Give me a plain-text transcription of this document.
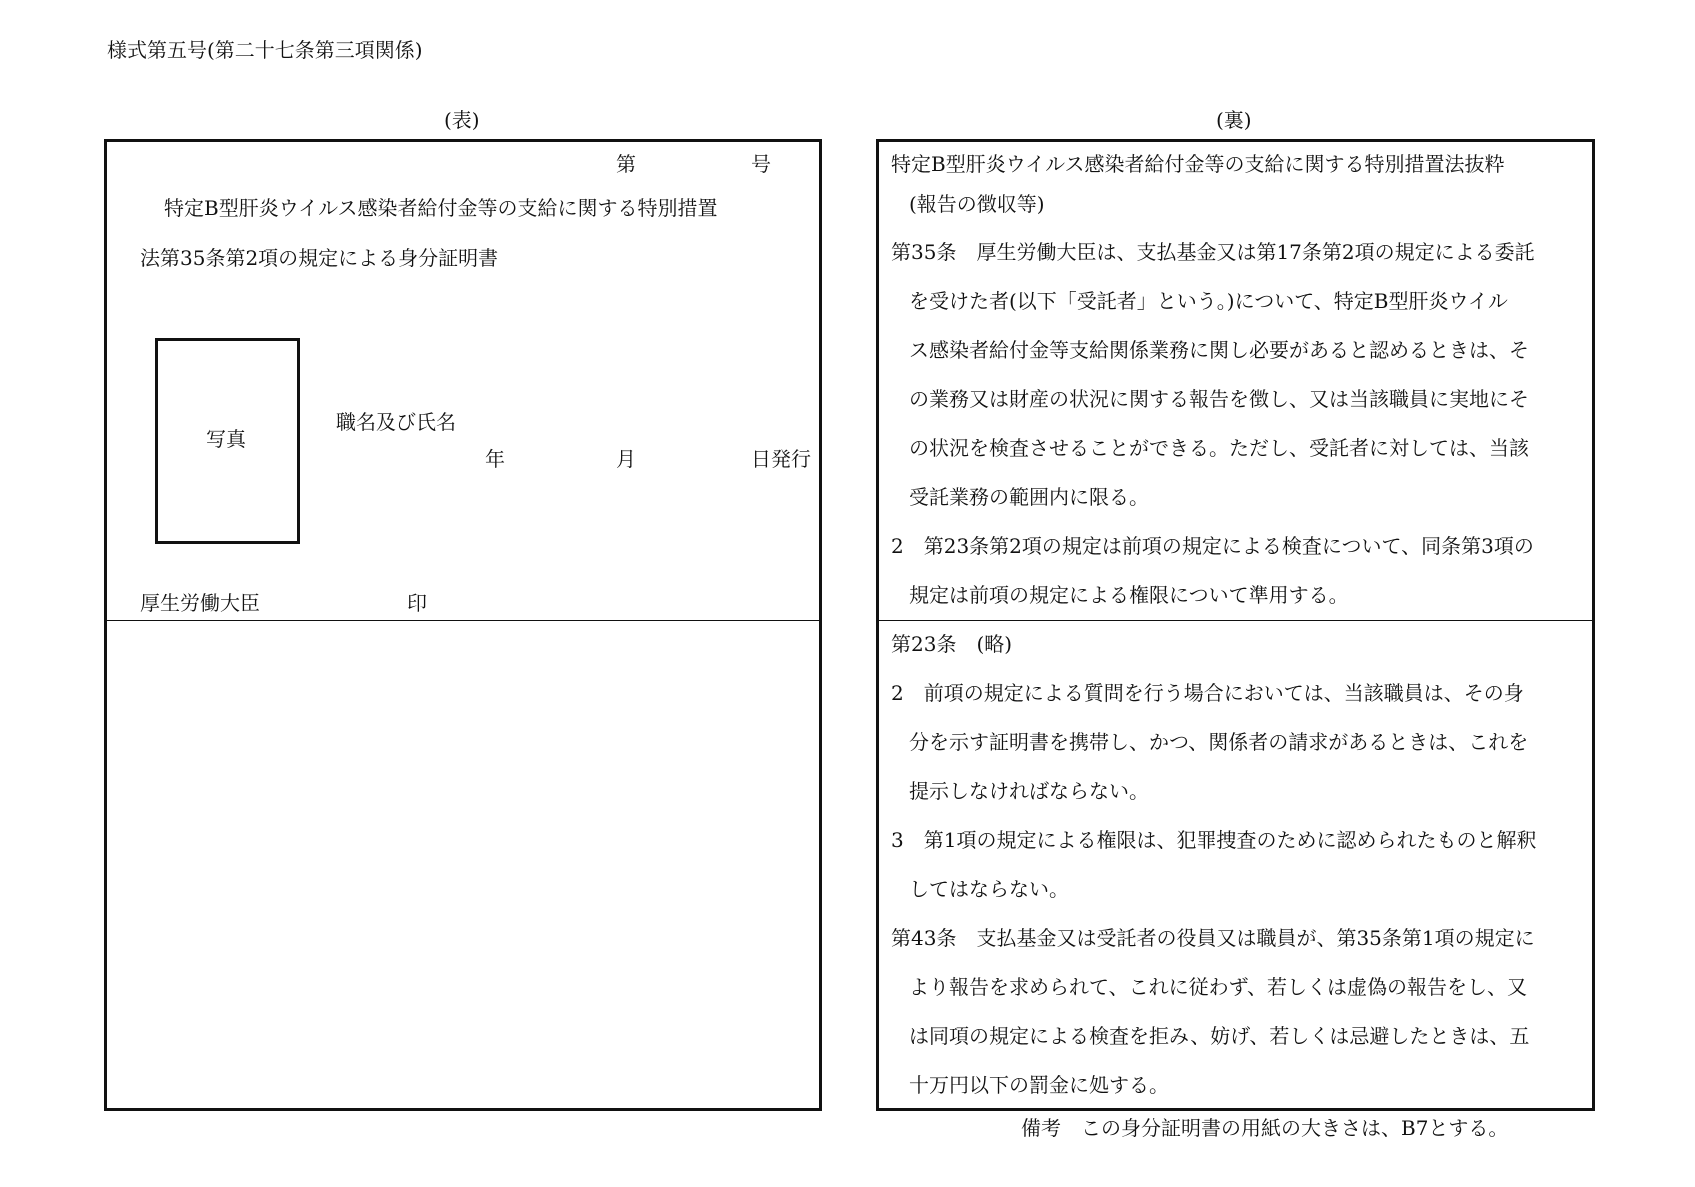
様式第五号(第二十七条第三項関係)
(表)
第	号
特定B型肝炎ウイルス感染者給付金等の支給に関する特別措置
法第35条第2項の規定による身分証明書
写真
職名及び氏名
年	月	日発行
厚生労働大臣	印
(裏)
特定B型肝炎ウイルス感染者給付金等の支給に関する特別措置法抜粋
(報告の徴収等)
第35条　厚生労働大臣は、支払基金又は第17条第2項の規定による委託
を受けた者(以下「受託者」という。)について、特定B型肝炎ウイル
ス感染者給付金等支給関係業務に関し必要があると認めるときは、そ
の業務又は財産の状況に関する報告を徴し、又は当該職員に実地にそ
の状況を検査させることができる。ただし、受託者に対しては、当該
受託業務の範囲内に限る。
2　第23条第2項の規定は前項の規定による検査について、同条第3項の
規定は前項の規定による権限について準用する。
第23条　(略)
2　前項の規定による質問を行う場合においては、当該職員は、その身
分を示す証明書を携帯し、かつ、関係者の請求があるときは、これを
提示しなければならない。
3　第1項の規定による権限は、犯罪捜査のために認められたものと解釈
してはならない。
第43条　支払基金又は受託者の役員又は職員が、第35条第1項の規定に
より報告を求められて、これに従わず、若しくは虚偽の報告をし、又
は同項の規定による検査を拒み、妨げ、若しくは忌避したときは、五
十万円以下の罰金に処する。
備考　この身分証明書の用紙の大きさは、B7とする。
